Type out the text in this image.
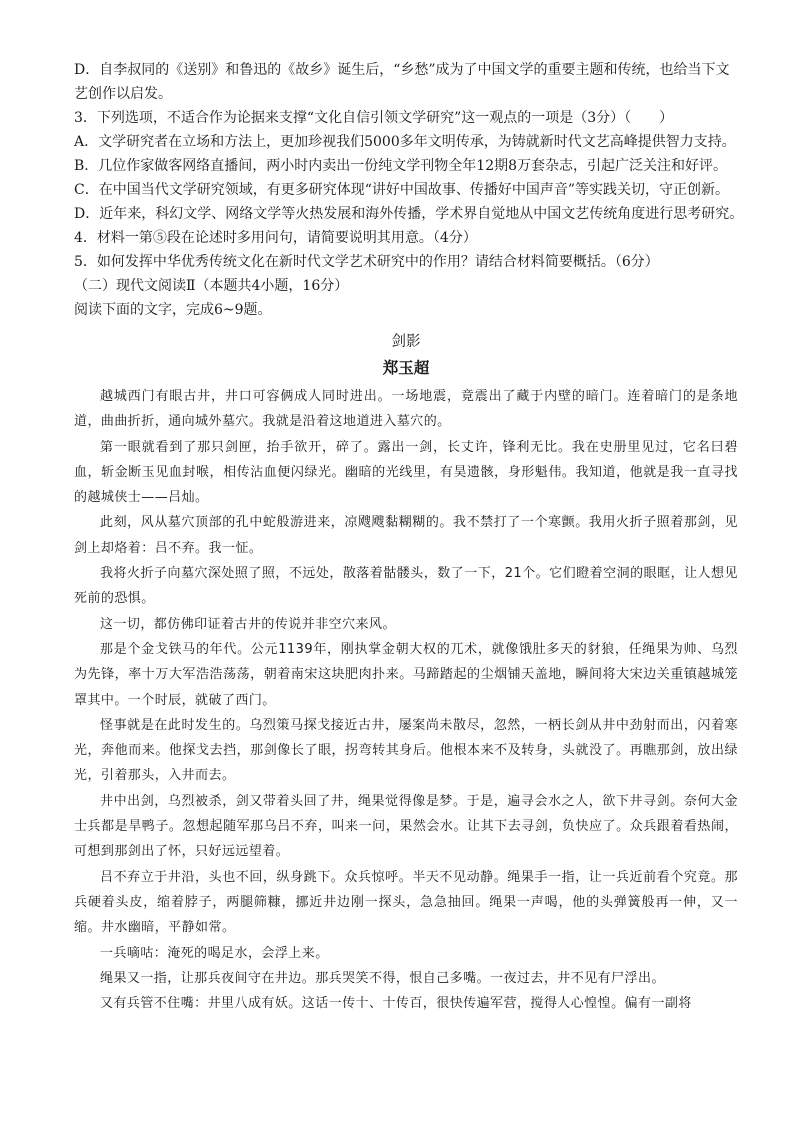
D．自李叔同的《送别》和鲁迅的《故乡》诞生后，“乡愁”成为了中国文学的重要主题和传统，也给当下文

艺创作以启发。

3．下列选项，不适合作为论据来支撑“文化自信引领文学研究”这一观点的一项是（3分）（　　）

A．文学研究者在立场和方法上，更加珍视我们5000多年文明传承，为铸就新时代文艺高峰提供智力支持。

B．几位作家做客网络直播间，两小时内卖出一份纯文学刊物全年12期8万套杂志，引起广泛关注和好评。

C．在中国当代文学研究领域，有更多研究体现“讲好中国故事、传播好中国声音”等实践关切，守正创新。

D．近年来，科幻文学、网络文学等火热发展和海外传播，学术界自觉地从中国文艺传统角度进行思考研究。

4．材料一第⑤段在论述时多用问句，请简要说明其用意。（4分）

5．如何发挥中华优秀传统文化在新时代文学艺术研究中的作用？请结合材料简要概括。（6分）

（二）现代文阅读Ⅱ（本题共4小题，16分）

阅读下面的文字，完成6~9题。

剑影

郑玉超

越城西门有眼古井，井口可容俩成人同时进出。一场地震，竟震出了藏于内壁的暗门。连着暗门的是条地道，曲曲折折，通向城外墓穴。我就是沿着这地道进入墓穴的。

第一眼就看到了那只剑匣，抬手欲开，碎了。露出一剑，长丈许，锋利无比。我在史册里见过，它名曰碧血，斩金断玉见血封喉，相传沾血便闪绿光。幽暗的光线里，有昊遗骸，身形魁伟。我知道，他就是我一直寻找的越城侠士——吕灿。

此刻，风从墓穴顶部的孔中蛇般游进来，凉飕飕黏糊糊的。我不禁打了一个寒颤。我用火折子照着那剑，见剑上却烙着：吕不弃。我一怔。

我将火折子向墓穴深处照了照，不远处，散落着骷髅头，数了一下，21个。它们瞪着空洞的眼眶，让人想见死前的恐惧。

这一切，都仿佛印证着古井的传说并非空穴来风。

那是个金戈铁马的年代。公元1139年，刚执掌金朝大权的兀术，就像饿肚多天的豺狼，任绳果为帅、乌烈为先锋，率十万大军浩浩荡荡，朝着南宋这块肥肉扑来。马蹄踏起的尘烟铺天盖地，瞬间将大宋边关重镇越城笼罩其中。一个时辰，就破了西门。

怪事就是在此时发生的。乌烈策马探戈接近古井，屡案尚未散尽，忽然，一柄长剑从井中劲射而出，闪着寒光，奔他而来。他探戈去挡，那剑像长了眼，拐弯转其身后。他根本来不及转身，头就没了。再瞧那剑，放出绿光，引着那头，入井而去。

井中出剑，乌烈被杀，剑又带着头回了井，绳果觉得像是梦。于是，遍寻会水之人，欲下井寻剑。奈何大金士兵都是旱鸭子。忽想起随军那乌吕不弃，叫来一问，果然会水。让其下去寻剑，负快应了。众兵跟着看热闹，可想到那剑出了怀，只好远远望着。

吕不弃立于井沿，头也不回，纵身跳下。众兵惊呼。半天不见动静。绳果手一指，让一兵近前看个究竟。那兵硬着头皮，缩着脖子，两腿筛糠，挪近井边刚一探头，急急抽回。绳果一声喝，他的头弹簧般再一伸，又一缩。井水幽暗，平静如常。

一兵嘀咕：淹死的喝足水，会浮上来。

绳果又一指，让那兵夜间守在井边。那兵哭笑不得，恨自己多嘴。一夜过去，井不见有尸浮出。

又有兵管不住嘴：井里八成有妖。这话一传十、十传百，很快传遍军营，搅得人心惶惶。偏有一副将
